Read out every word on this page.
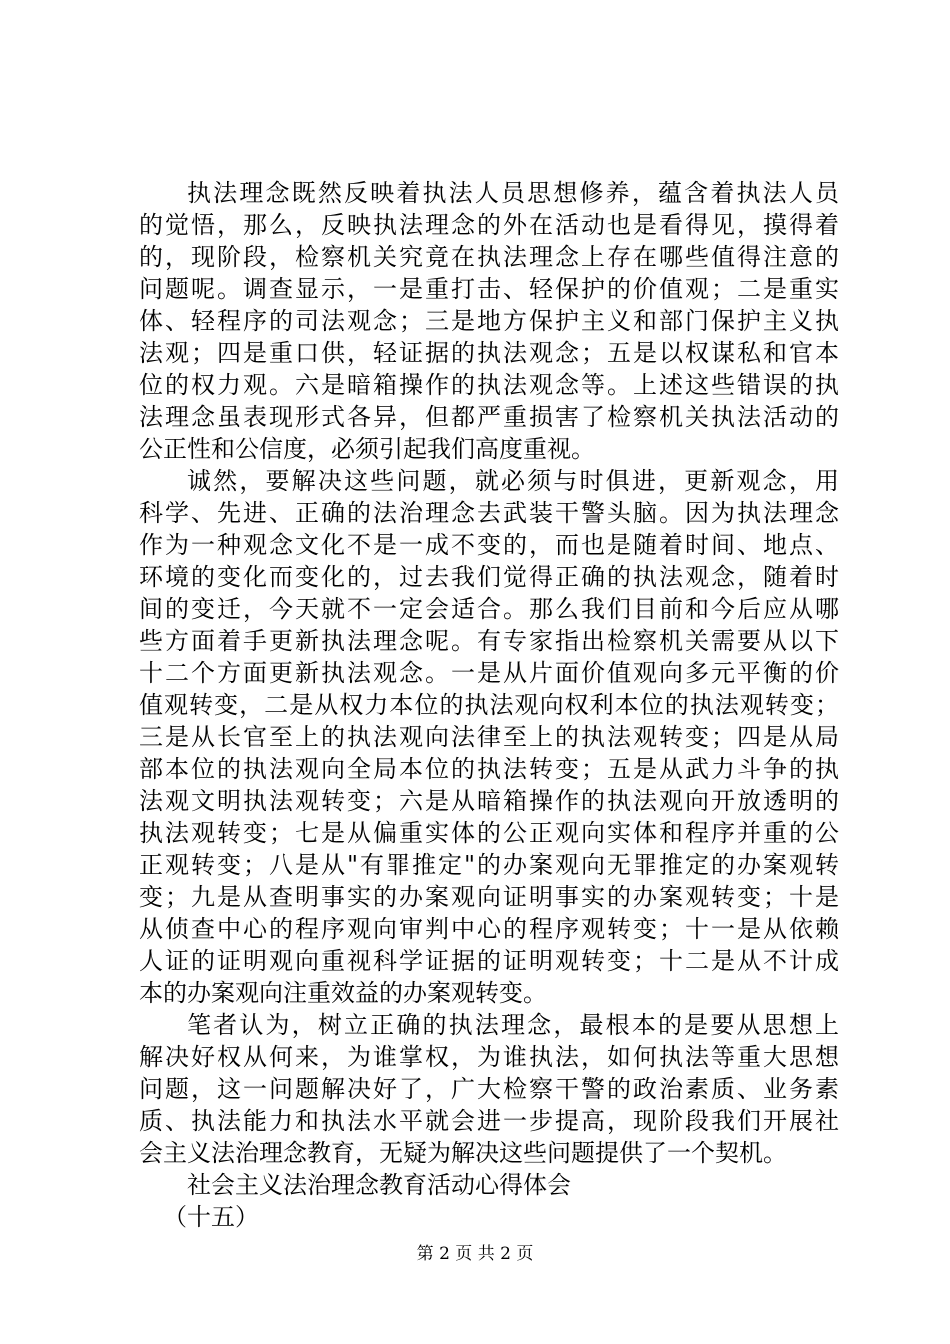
执法理念既然反映着执法人员思想修养，蕴含着执法人员
的觉悟，那么，反映执法理念的外在活动也是看得见，摸得着
的，现阶段，检察机关究竟在执法理念上存在哪些值得注意的
问题呢。调查显示，一是重打击、轻保护的价值观；二是重实
体、轻程序的司法观念；三是地方保护主义和部门保护主义执
法观；四是重口供，轻证据的执法观念；五是以权谋私和官本
位的权力观。六是暗箱操作的执法观念等。上述这些错误的执
法理念虽表现形式各异，但都严重损害了检察机关执法活动的
公正性和公信度，必须引起我们高度重视。
诚然，要解决这些问题，就必须与时俱进，更新观念，用
科学、先进、正确的法治理念去武装干警头脑。因为执法理念
作为一种观念文化不是一成不变的，而也是随着时间、地点、
环境的变化而变化的，过去我们觉得正确的执法观念，随着时
间的变迁，今天就不一定会适合。那么我们目前和今后应从哪
些方面着手更新执法理念呢。有专家指出检察机关需要从以下
十二个方面更新执法观念。一是从片面价值观向多元平衡的价
值观转变，二是从权力本位的执法观向权利本位的执法观转变；
三是从长官至上的执法观向法律至上的执法观转变；四是从局
部本位的执法观向全局本位的执法转变；五是从武力斗争的执
法观文明执法观转变；六是从暗箱操作的执法观向开放透明的
执法观转变；七是从偏重实体的公正观向实体和程序并重的公
正观转变；八是从"有罪推定"的办案观向无罪推定的办案观转
变；九是从查明事实的办案观向证明事实的办案观转变；十是
从侦查中心的程序观向审判中心的程序观转变；十一是从依赖
人证的证明观向重视科学证据的证明观转变；十二是从不计成
本的办案观向注重效益的办案观转变。
笔者认为，树立正确的执法理念，最根本的是要从思想上
解决好权从何来，为谁掌权，为谁执法，如何执法等重大思想
问题，这一问题解决好了，广大检察干警的政治素质、业务素
质、执法能力和执法水平就会进一步提高，现阶段我们开展社
会主义法治理念教育，无疑为解决这些问题提供了一个契机。
社会主义法治理念教育活动心得体会
（十五）
第 2 页 共 2 页
